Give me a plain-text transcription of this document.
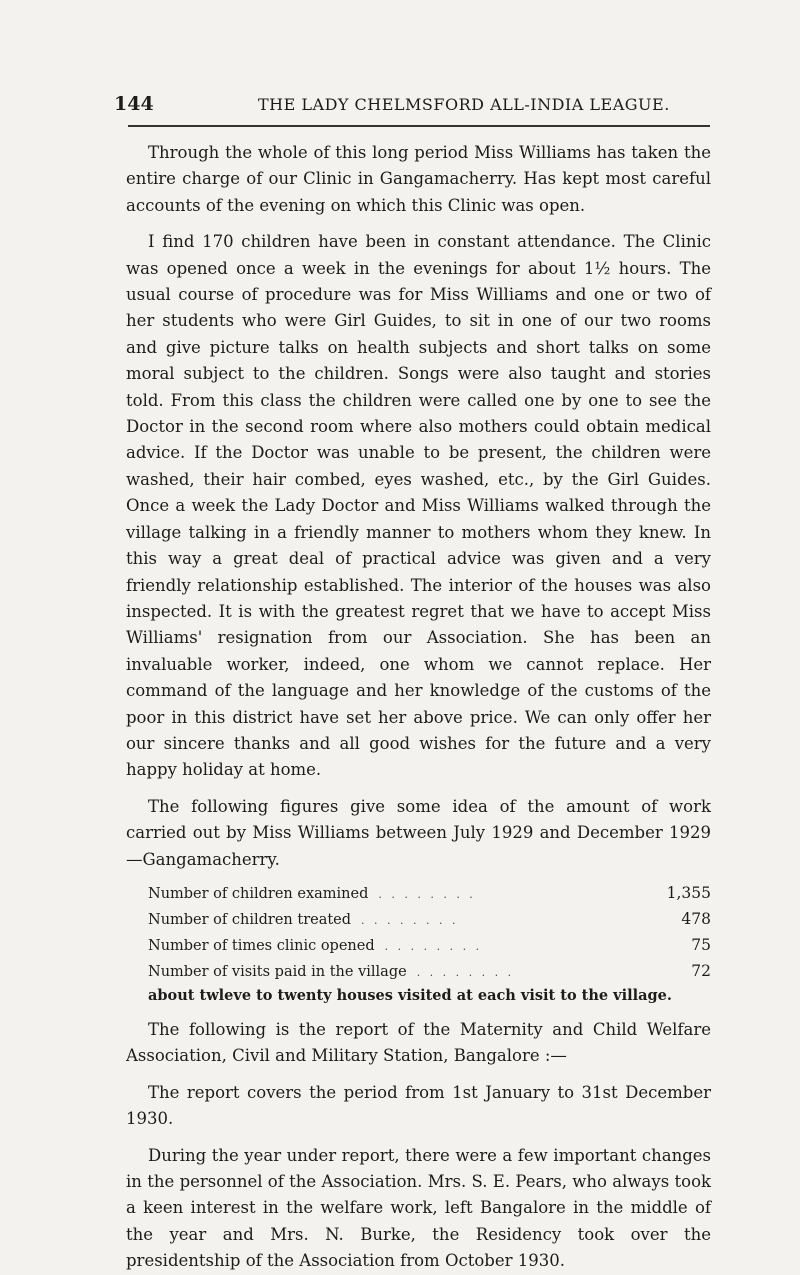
144	THE LADY CHELMSFORD ALL-INDIA LEAGUE.

Through the whole of this long period Miss Williams has taken the entire charge of our Clinic in Gangamacherry. Has kept most careful accounts of the evening on which this Clinic was open.

I find 170 children have been in constant attendance. The Clinic was opened once a week in the evenings for about 1½ hours. The usual course of procedure was for Miss Williams and one or two of her students who were Girl Guides, to sit in one of our two rooms and give picture talks on health subjects and short talks on some moral subject to the children. Songs were also taught and stories told. From this class the children were called one by one to see the Doctor in the second room where also mothers could obtain medical advice. If the Doctor was unable to be present, the children were washed, their hair combed, eyes washed, etc., by the Girl Guides. Once a week the Lady Doctor and Miss Williams walked through the village talking in a friendly manner to mothers whom they knew. In this way a great deal of practical advice was given and a very friendly relationship established. The interior of the houses was also inspected. It is with the greatest regret that we have to accept Miss Williams' resignation from our Association. She has been an invaluable worker, indeed, one whom we cannot replace. Her command of the language and her knowledge of the customs of the poor in this district have set her above price. We can only offer her our sincere thanks and all good wishes for the future and a very happy holiday at home.

The following figures give some idea of the amount of work carried out by Miss Williams between July 1929 and December 1929—Gangamacherry.

Number of children examined . . . . . . . .	1,355
Number of children treated . . . . . . . .	478
Number of times clinic opened . . . . . . . .	75
Number of visits paid in the village . . . . . . . .	72
about twleve to twenty houses visited at each visit to the village.

The following is the report of the Maternity and Child Welfare Association, Civil and Military Station, Bangalore :—

The report covers the period from 1st January to 31st December 1930.

During the year under report, there were a few important changes in the personnel of the Association. Mrs. S. E. Pears, who always took a keen interest in the welfare work, left Bangalore in the middle of the year and Mrs. N. Burke, the Residency took over the presidentship of the Association from October 1930.
